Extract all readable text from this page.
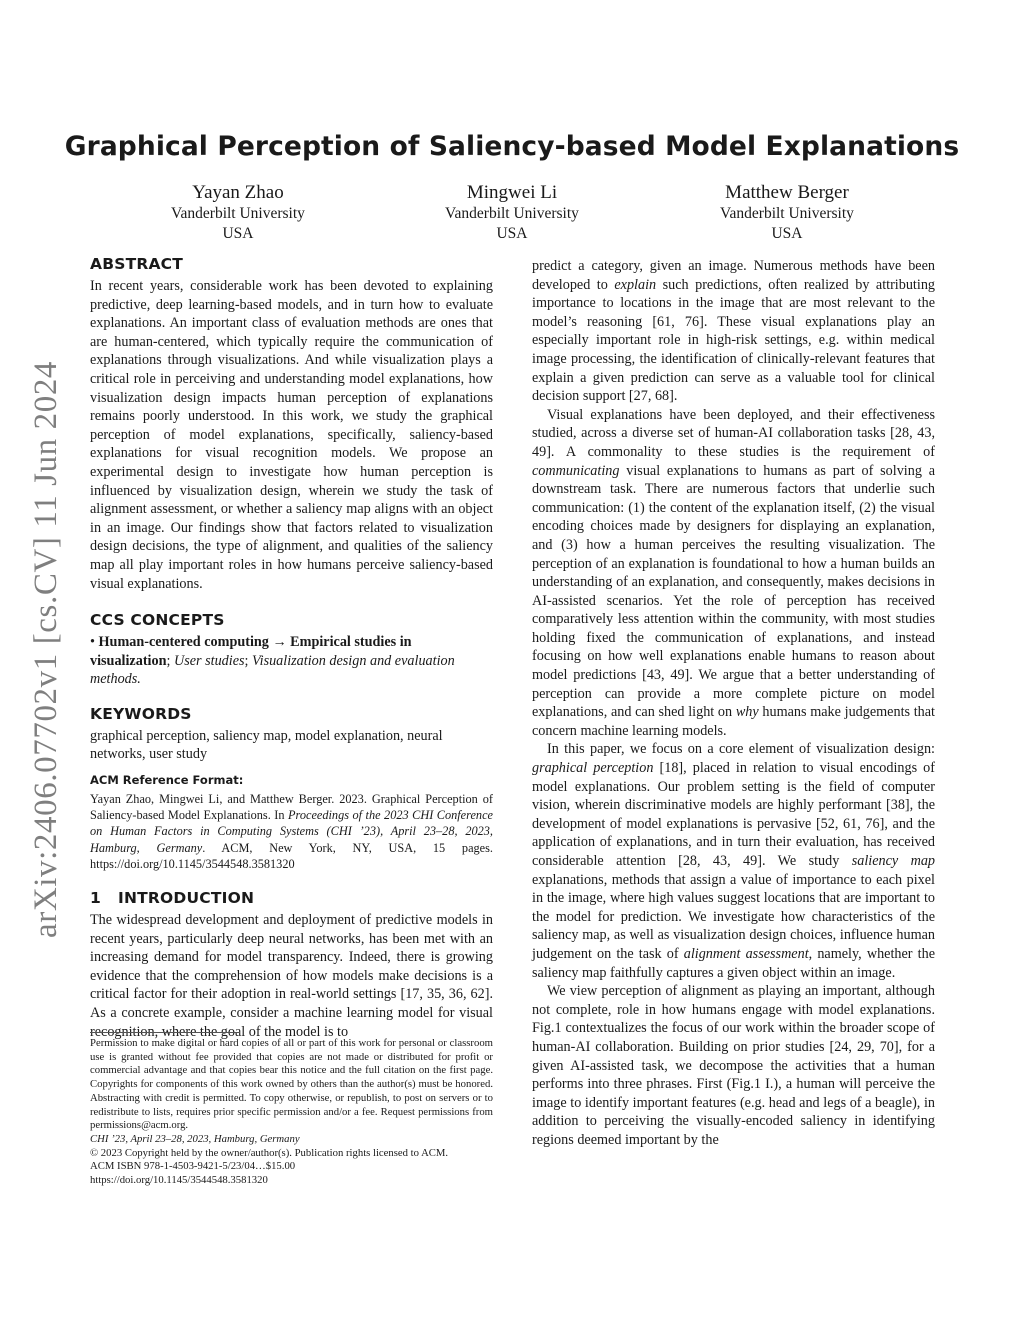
arXiv:2406.07702v1 [cs.CV] 11 Jun 2024
Graphical Perception of Saliency-based Model Explanations
Yayan Zhao
Vanderbilt University
USA
Mingwei Li
Vanderbilt University
USA
Matthew Berger
Vanderbilt University
USA
ABSTRACT

In recent years, considerable work has been devoted to explaining predictive, deep learning-based models, and in turn how to evaluate explanations. An important class of evaluation methods are ones that are human-centered, which typically require the communication of explanations through visualizations. And while visualization plays a critical role in perceiving and understanding model explanations, how visualization design impacts human perception of explanations remains poorly understood. In this work, we study the graphical perception of model explanations, specifically, saliency-based explanations for visual recognition models. We propose an experimental design to investigate how human perception is influenced by visualization design, wherein we study the task of alignment assessment, or whether a saliency map aligns with an object in an image. Our findings show that factors related to visualization design decisions, the type of alignment, and qualities of the saliency map all play important roles in how humans perceive saliency-based visual explanations.

CCS CONCEPTS

• Human-centered computing → Empirical studies in visualization; User studies; Visualization design and evaluation methods.

KEYWORDS

graphical perception, saliency map, model explanation, neural networks, user study

ACM Reference Format:

Yayan Zhao, Mingwei Li, and Matthew Berger. 2023. Graphical Perception of Saliency-based Model Explanations. In Proceedings of the 2023 CHI Conference on Human Factors in Computing Systems (CHI ’23), April 23–28, 2023, Hamburg, Germany. ACM, New York, NY, USA, 15 pages. https://doi.org/10.1145/3544548.3581320

1 INTRODUCTION

The widespread development and deployment of predictive models in recent years, particularly deep neural networks, has been met with an increasing demand for model transparency. Indeed, there is growing evidence that the comprehension of how models make decisions is a critical factor for their adoption in real-world settings [17, 35, 36, 62]. As a concrete example, consider a machine learning model for visual recognition, where the goal of the model is to

Permission to make digital or hard copies of all or part of this work for personal or classroom use is granted without fee provided that copies are not made or distributed for profit or commercial advantage and that copies bear this notice and the full citation on the first page. Copyrights for components of this work owned by others than the author(s) must be honored. Abstracting with credit is permitted. To copy otherwise, or republish, to post on servers or to redistribute to lists, requires prior specific permission and/or a fee. Request permissions from permissions@acm.org.

CHI ’23, April 23–28, 2023, Hamburg, Germany

© 2023 Copyright held by the owner/author(s). Publication rights licensed to ACM.

ACM ISBN 978-1-4503-9421-5/23/04…$15.00

https://doi.org/10.1145/3544548.3581320

predict a category, given an image. Numerous methods have been developed to explain such predictions, often realized by attributing importance to locations in the image that are most relevant to the model’s reasoning [61, 76]. These visual explanations play an especially important role in high-risk settings, e.g. within medical image processing, the identification of clinically-relevant features that explain a given prediction can serve as a valuable tool for clinical decision support [27, 68].

Visual explanations have been deployed, and their effectiveness studied, across a diverse set of human-AI collaboration tasks [28, 43, 49]. A commonality to these studies is the requirement of communicating visual explanations to humans as part of solving a downstream task. There are numerous factors that underlie such communication: (1) the content of the explanation itself, (2) the visual encoding choices made by designers for displaying an explanation, and (3) how a human perceives the resulting visualization. The perception of an explanation is foundational to how a human builds an understanding of an explanation, and consequently, makes decisions in AI-assisted scenarios. Yet the role of perception has received comparatively less attention within the community, with most studies holding fixed the communication of explanations, and instead focusing on how well explanations enable humans to reason about model predictions [43, 49]. We argue that a better understanding of perception can provide a more complete picture on model explanations, and can shed light on why humans make judgements that concern machine learning models.

In this paper, we focus on a core element of visualization design: graphical perception [18], placed in relation to visual encodings of model explanations. Our problem setting is the field of computer vision, wherein discriminative models are highly performant [38], the development of model explanations is pervasive [52, 61, 76], and the application of explanations, and in turn their evaluation, has received considerable attention [28, 43, 49]. We study saliency map explanations, methods that assign a value of importance to each pixel in the image, where high values suggest locations that are important to the model for prediction. We investigate how characteristics of the saliency map, as well as visualization design choices, influence human judgement on the task of alignment assessment, namely, whether the saliency map faithfully captures a given object within an image.

We view perception of alignment as playing an important, although not complete, role in how humans engage with model explanations. Fig.1 contextualizes the focus of our work within the broader scope of human-AI collaboration. Building on prior studies [24, 29, 70], for a given AI-assisted task, we decompose the activities that a human performs into three phrases. First (Fig.1 I.), a human will perceive the image to identify important features (e.g. head and legs of a beagle), in addition to perceiving the visually-encoded saliency in identifying regions deemed important by the
